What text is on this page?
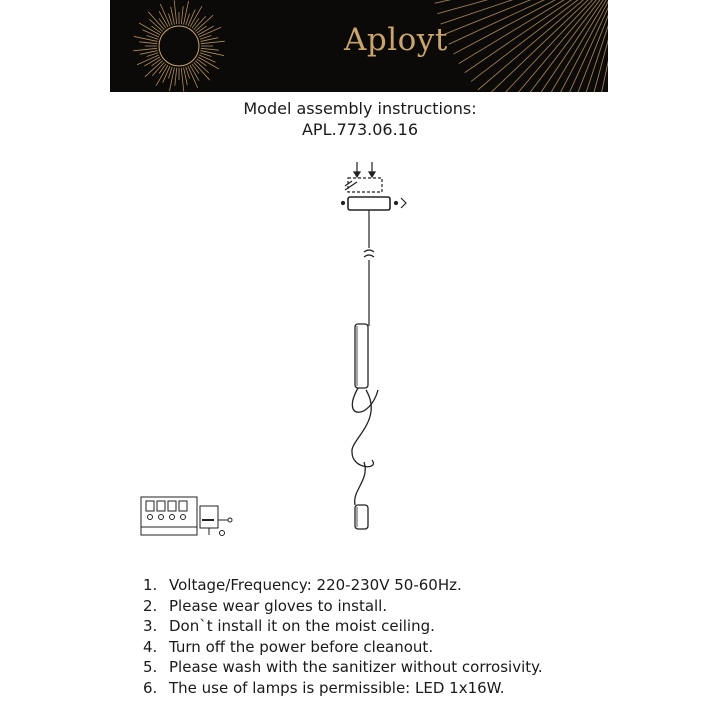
Aployt
Model assembly instructions:
APL.773.06.16
1. Voltage/Frequency: 220-230V 50-60Hz.
2. Please wear gloves to install.
3. Don`t install it on the moist ceiling.
4. Turn off the power before cleanout.
5. Please wash with the sanitizer without corrosivity.
6. The use of lamps is permissible: LED 1x16W.
